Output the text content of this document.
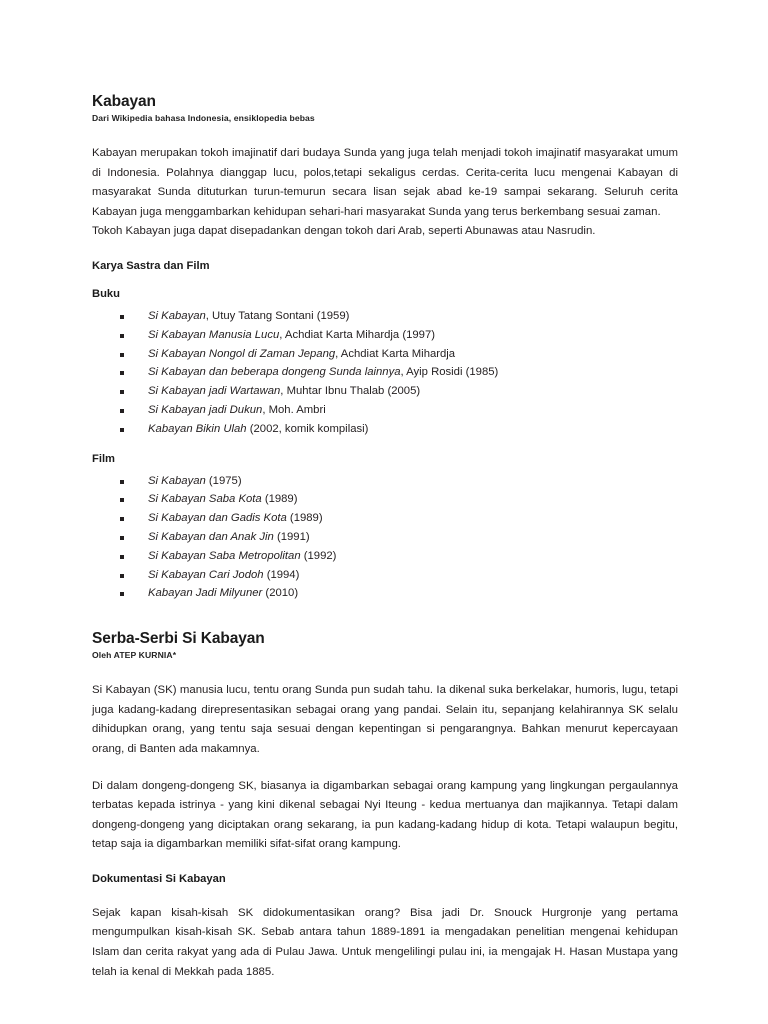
Kabayan
Dari Wikipedia bahasa Indonesia, ensiklopedia bebas

Kabayan merupakan tokoh imajinatif dari budaya Sunda yang juga telah menjadi tokoh imajinatif masyarakat umum di Indonesia. Polahnya dianggap lucu, polos,tetapi sekaligus cerdas. Cerita-cerita lucu mengenai Kabayan di masyarakat Sunda dituturkan turun-temurun secara lisan sejak abad ke-19 sampai sekarang. Seluruh cerita Kabayan juga menggambarkan kehidupan sehari-hari masyarakat Sunda yang terus berkembang sesuai zaman.

Tokoh Kabayan juga dapat disepadankan dengan tokoh dari Arab, seperti Abunawas atau Nasrudin.

Karya Sastra dan Film
Buku
Si Kabayan, Utuy Tatang Sontani (1959)
Si Kabayan Manusia Lucu, Achdiat Karta Mihardja (1997)
Si Kabayan Nongol di Zaman Jepang, Achdiat Karta Mihardja
Si Kabayan dan beberapa dongeng Sunda lainnya, Ayip Rosidi (1985)
Si Kabayan jadi Wartawan, Muhtar Ibnu Thalab (2005)
Si Kabayan jadi Dukun, Moh. Ambri
Kabayan Bikin Ulah (2002, komik kompilasi)
Film
Si Kabayan (1975)
Si Kabayan Saba Kota (1989)
Si Kabayan dan Gadis Kota (1989)
Si Kabayan dan Anak Jin (1991)
Si Kabayan Saba Metropolitan (1992)
Si Kabayan Cari Jodoh (1994)
Kabayan Jadi Milyuner (2010)
Serba-Serbi Si Kabayan
Oleh ATEP KURNIA*

Si Kabayan (SK) manusia lucu, tentu orang Sunda pun sudah tahu. Ia dikenal suka berkelakar, humoris, lugu, tetapi juga kadang-kadang direpresentasikan sebagai orang yang pandai. Selain itu, sepanjang kelahirannya SK selalu dihidupkan orang, yang tentu saja sesuai dengan kepentingan si pengarangnya. Bahkan menurut kepercayaan orang, di Banten ada makamnya.

Di dalam dongeng-dongeng SK, biasanya ia digambarkan sebagai orang kampung yang lingkungan pergaulannya terbatas kepada istrinya - yang kini dikenal sebagai Nyi Iteung - kedua mertuanya dan majikannya. Tetapi dalam dongeng-dongeng yang diciptakan orang sekarang, ia pun kadang-kadang hidup di kota. Tetapi walaupun begitu, tetap saja ia digambarkan memiliki sifat-sifat orang kampung.

Dokumentasi Si Kabayan

Sejak kapan kisah-kisah SK didokumentasikan orang? Bisa jadi Dr. Snouck Hurgronje yang pertama mengumpulkan kisah-kisah SK. Sebab antara tahun 1889-1891 ia mengadakan penelitian mengenai kehidupan Islam dan cerita rakyat yang ada di Pulau Jawa. Untuk mengelilingi pulau ini, ia mengajak H. Hasan Mustapa yang telah ia kenal di Mekkah pada 1885.
